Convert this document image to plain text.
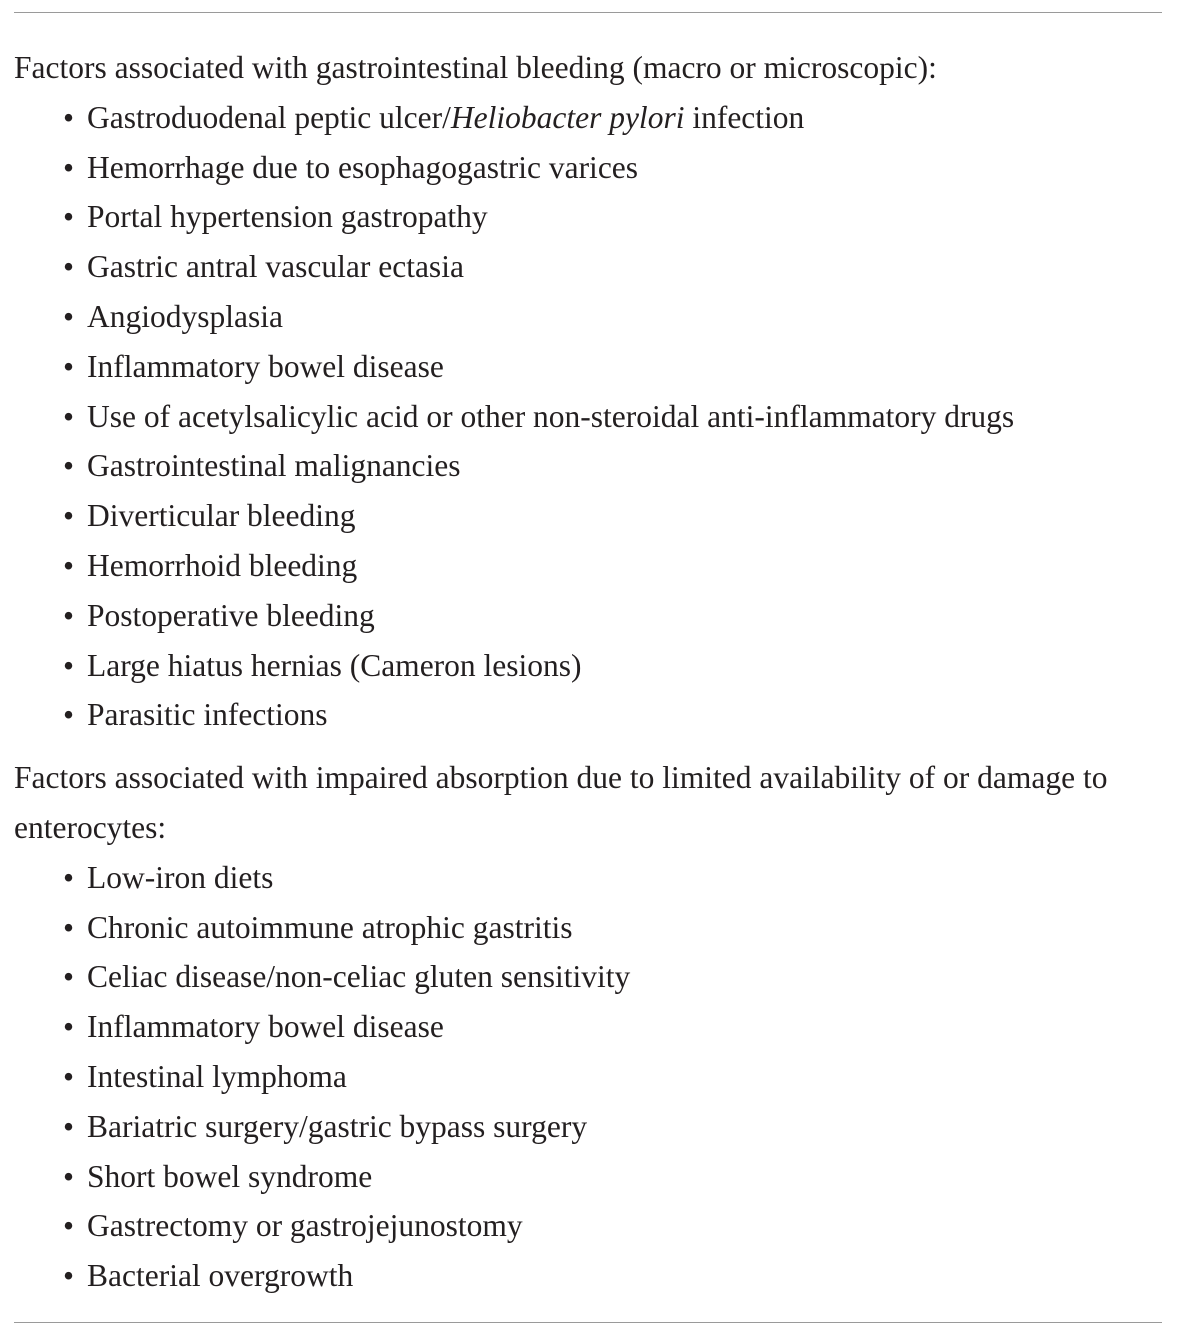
Factors associated with gastrointestinal bleeding (macro or microscopic):

• Gastroduodenal peptic ulcer/Heliobacter pylori infection
• Hemorrhage due to esophagogastric varices
• Portal hypertension gastropathy
• Gastric antral vascular ectasia
• Angiodysplasia
• Inflammatory bowel disease
• Use of acetylsalicylic acid or other non-steroidal anti-inflammatory drugs
• Gastrointestinal malignancies
• Diverticular bleeding
• Hemorrhoid bleeding
• Postoperative bleeding
• Large hiatus hernias (Cameron lesions)
• Parasitic infections

Factors associated with impaired absorption due to limited availability of or damage to enterocytes:

• Low-iron diets
• Chronic autoimmune atrophic gastritis
• Celiac disease/non-celiac gluten sensitivity
• Inflammatory bowel disease
• Intestinal lymphoma
• Bariatric surgery/gastric bypass surgery
• Short bowel syndrome
• Gastrectomy or gastrojejunostomy
• Bacterial overgrowth
